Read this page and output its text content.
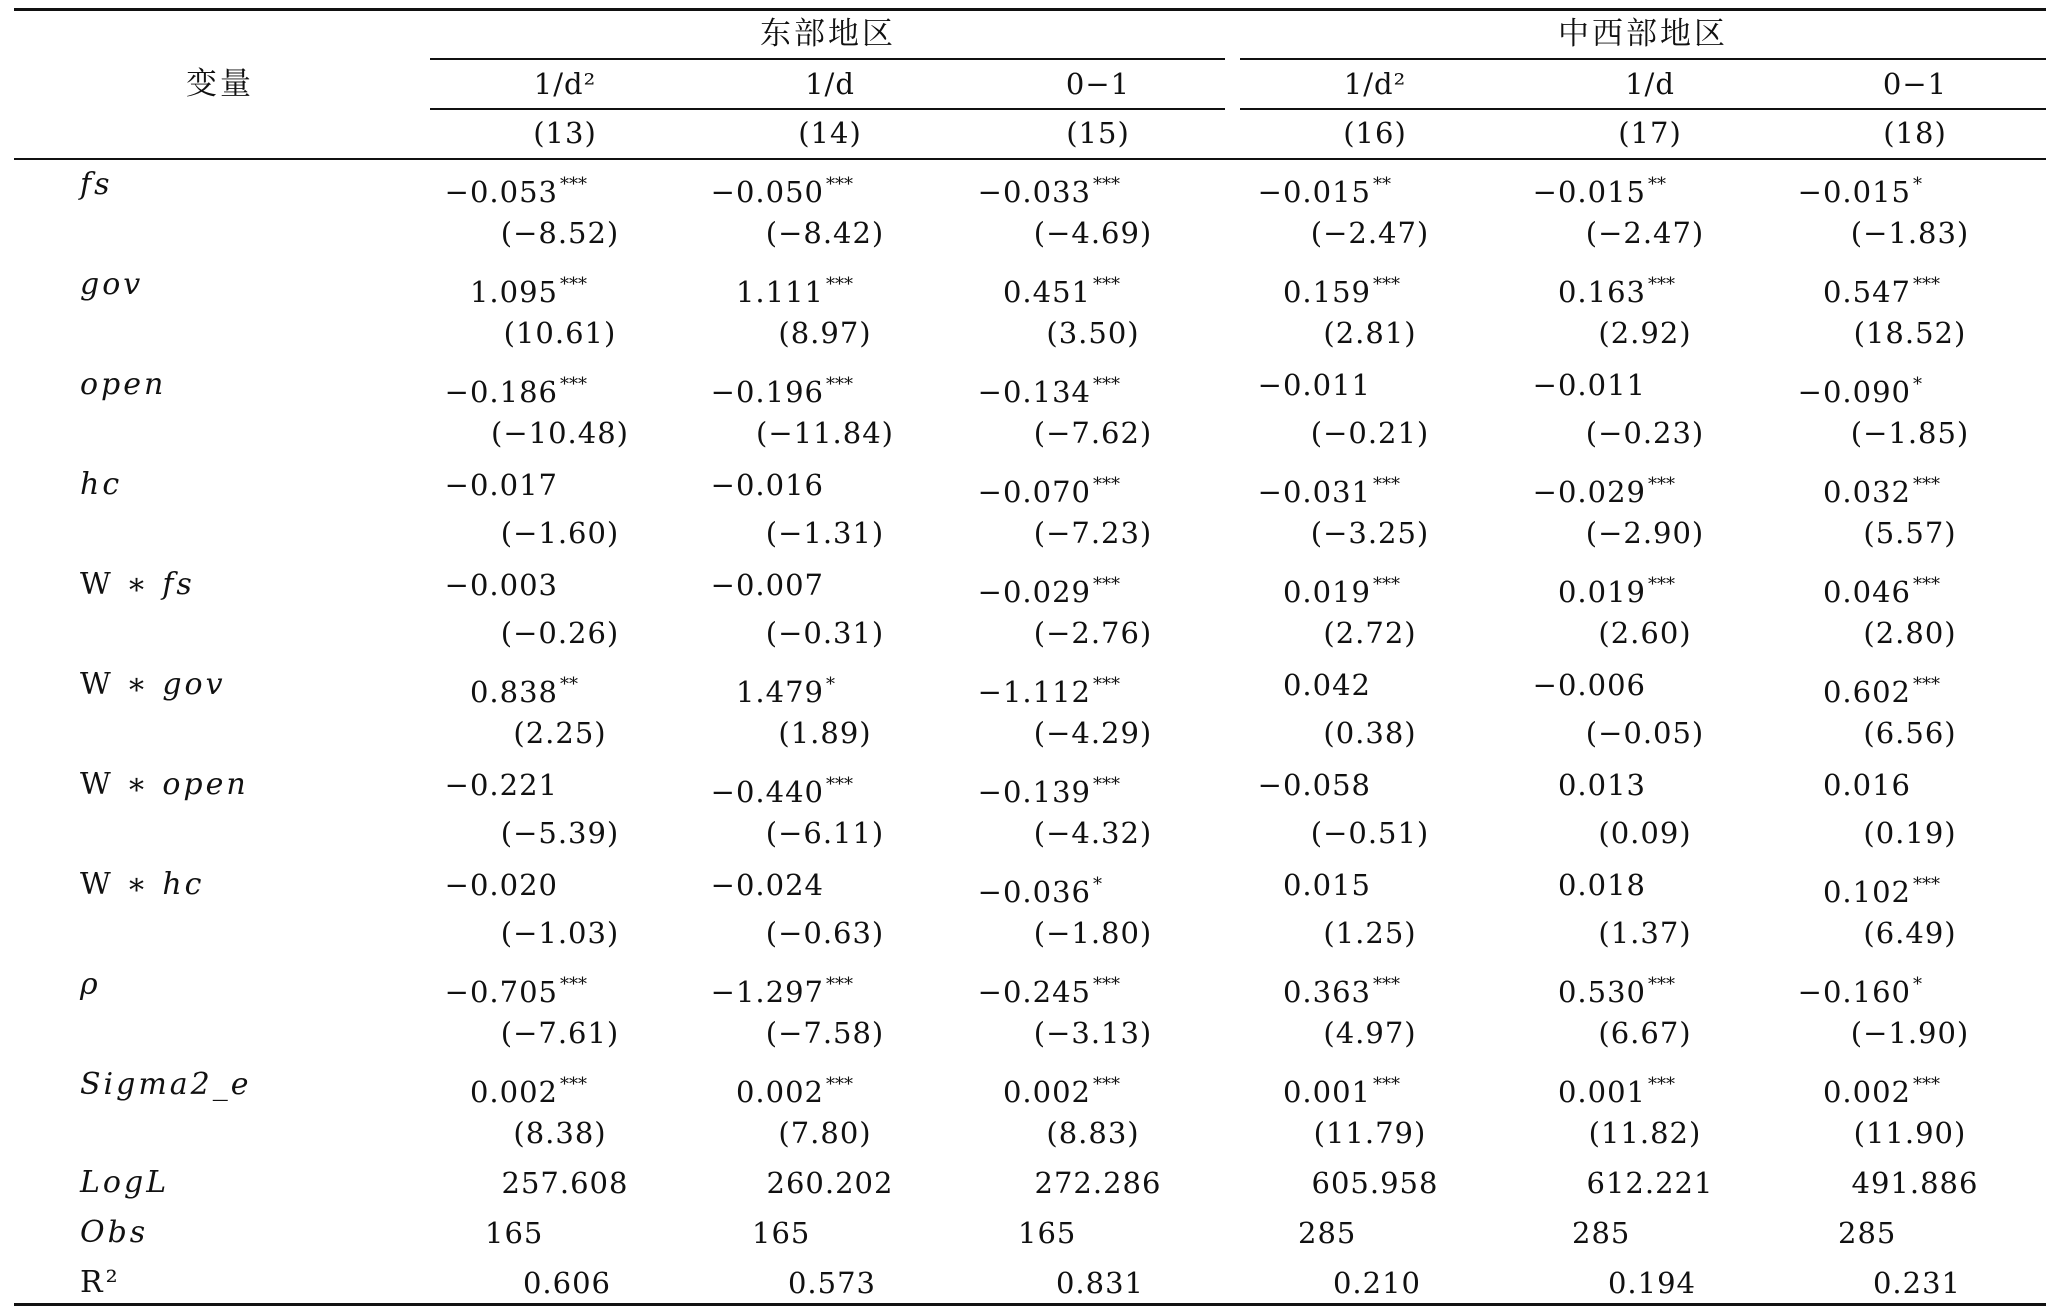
变量
东部地区	中西部地区
1/d²	1/d	0−1	1/d²	1/d	0−1
(13)	(14)	(15)	(16)	(17)	(18)
fs	−0.053 ***	−0.050 ***	−0.033 ***	−0.015 **	−0.015 **	−0.015 *
(−8.52)	(−8.42)	(−4.69)	(−2.47)	(−2.47)	(−1.83)
gov	1.095 ***	1.111 ***	0.451 ***	0.159 ***	0.163 ***	0.547 ***
(10.61)	(8.97)	(3.50)	(2.81)	(2.92)	(18.52)
open	−0.186 ***	−0.196 ***	−0.134 ***	−0.011	−0.011	−0.090 *
(−10.48)	(−11.84)	(−7.62)	(−0.21)	(−0.23)	(−1.85)
hc	−0.017	−0.016	−0.070 ***	−0.031 ***	−0.029 ***	0.032 ***
(−1.60)	(−1.31)	(−7.23)	(−3.25)	(−2.90)	(5.57)
W ∗ fs	−0.003	−0.007	−0.029 ***	0.019 ***	0.019 ***	0.046 ***
(−0.26)	(−0.31)	(−2.76)	(2.72)	(2.60)	(2.80)
W ∗ gov	0.838 **	1.479 *	−1.112 ***	0.042	−0.006	0.602 ***
(2.25)	(1.89)	(−4.29)	(0.38)	(−0.05)	(6.56)
W ∗ open	−0.221	−0.440 ***	−0.139 ***	−0.058	0.013	0.016
(−5.39)	(−6.11)	(−4.32)	(−0.51)	(0.09)	(0.19)
W ∗ hc	−0.020	−0.024	−0.036 *	0.015	0.018	0.102 ***
(−1.03)	(−0.63)	(−1.80)	(1.25)	(1.37)	(6.49)
ρ	−0.705 ***	−1.297 ***	−0.245 ***	0.363 ***	0.530 ***	−0.160 *
(−7.61)	(−7.58)	(−3.13)	(4.97)	(6.67)	(−1.90)
Sigma2_e	0.002 ***	0.002 ***	0.002 ***	0.001 ***	0.001 ***	0.002 ***
(8.38)	(7.80)	(8.83)	(11.79)	(11.82)	(11.90)
LogL	257.608	260.202	272.286	605.958	612.221	491.886
Obs	165	165	165	285	285	285
R²	0.606	0.573	0.831	0.210	0.194	0.231
